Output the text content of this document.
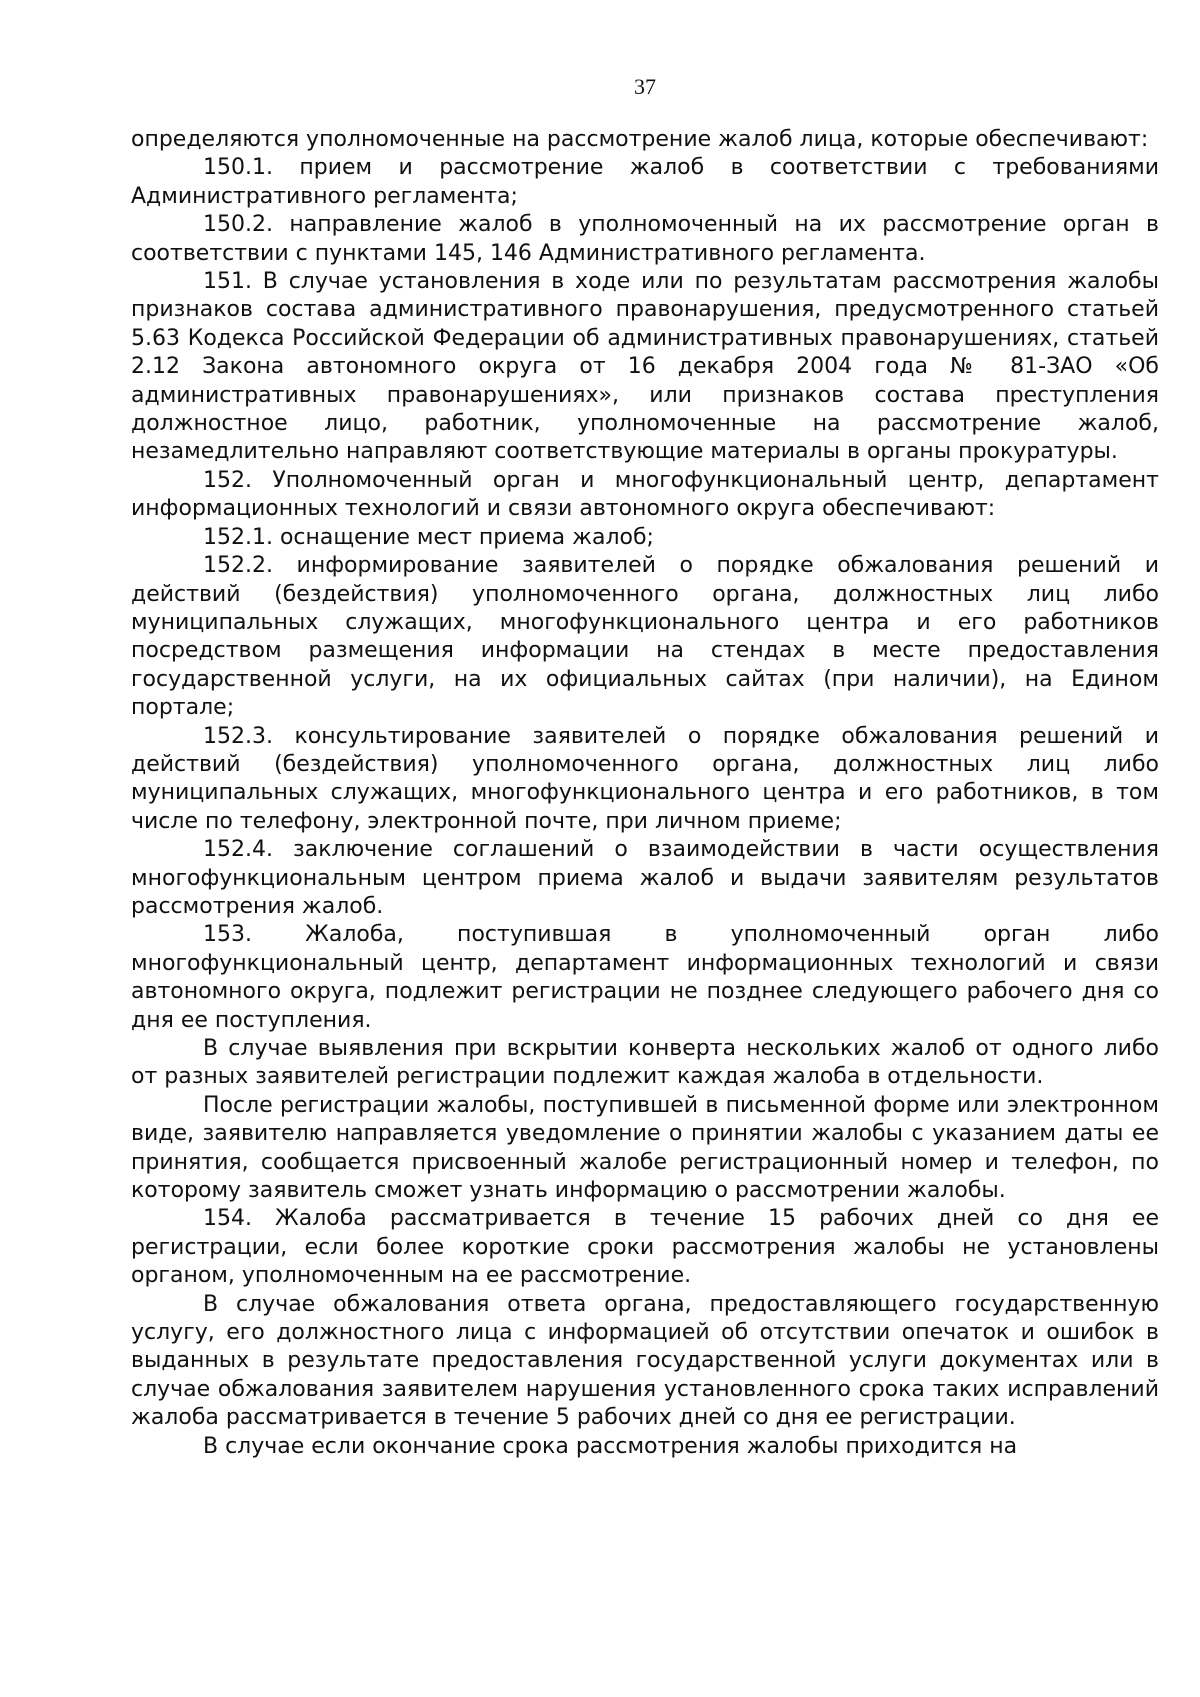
37

определяются уполномоченные на рассмотрение жалоб лица, которые обеспечивают:

150.1. прием и рассмотрение жалоб в соответствии с требованиями Административного регламента;

150.2. направление жалоб в уполномоченный на их рассмотрение орган в соответствии с пунктами 145, 146 Административного регламента.

151. В случае установления в ходе или по результатам рассмотрения жалобы признаков состава административного правонарушения, предусмотренного статьей 5.63 Кодекса Российской Федерации об административных правонарушениях, статьей 2.12 Закона автономного округа от 16 декабря 2004 года № 81-ЗАО «Об административных правонарушениях», или признаков состава преступления должностное лицо, работник, уполномоченные на рассмотрение жалоб, незамедлительно направляют соответствующие материалы в органы прокуратуры.

152. Уполномоченный орган и многофункциональный центр, департамент информационных технологий и связи автономного округа обеспечивают:

152.1. оснащение мест приема жалоб;

152.2. информирование заявителей о порядке обжалования решений и действий (бездействия) уполномоченного органа, должностных лиц либо муниципальных служащих, многофункционального центра и его работников посредством размещения информации на стендах в месте предоставления государственной услуги, на их официальных сайтах (при наличии), на Едином портале;

152.3. консультирование заявителей о порядке обжалования решений и действий (бездействия) уполномоченного органа, должностных лиц либо муниципальных служащих, многофункционального центра и его работников, в том числе по телефону, электронной почте, при личном приеме;

152.4. заключение соглашений о взаимодействии в части осуществления многофункциональным центром приема жалоб и выдачи заявителям результатов рассмотрения жалоб.

153. Жалоба, поступившая в уполномоченный орган либо многофункциональный центр, департамент информационных технологий и связи автономного округа, подлежит регистрации не позднее следующего рабочего дня со дня ее поступления.

В случае выявления при вскрытии конверта нескольких жалоб от одного либо от разных заявителей регистрации подлежит каждая жалоба в отдельности.

После регистрации жалобы, поступившей в письменной форме или электронном виде, заявителю направляется уведомление о принятии жалобы с указанием даты ее принятия, сообщается присвоенный жалобе регистрационный номер и телефон, по которому заявитель сможет узнать информацию о рассмотрении жалобы.

154. Жалоба рассматривается в течение 15 рабочих дней со дня ее регистрации, если более короткие сроки рассмотрения жалобы не установлены органом, уполномоченным на ее рассмотрение.

В случае обжалования ответа органа, предоставляющего государственную услугу, его должностного лица с информацией об отсутствии опечаток и ошибок в выданных в результате предоставления государственной услуги документах или в случае обжалования заявителем нарушения установленного срока таких исправлений жалоба рассматривается в течение 5 рабочих дней со дня ее регистрации.

В случае если окончание срока рассмотрения жалобы приходится на
